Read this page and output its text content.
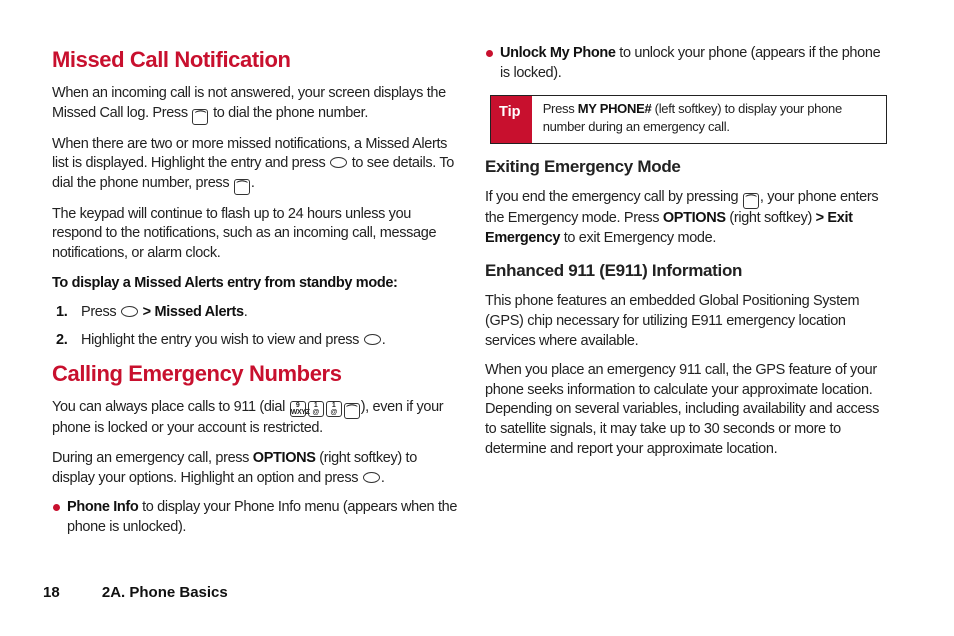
Missed Call Notification

When an incoming call is not answered, your screen displays the Missed Call log. Press ⌒ to dial the phone number.

When there are two or more missed notifications, a Missed Alerts list is displayed. Highlight the entry and press  to see details. To dial the phone number, press ⌒ .

The keypad will continue to flash up to 24 hours unless you respond to the notifications, such as an incoming call, message notifications, or alarm clock.

To display a Missed Alerts entry from standby mode:

1. Press  > Missed Alerts.
2. Highlight the entry you wish to view and press .
Calling Emergency Numbers

You can always place calls to 911 (dial 9
WXYZ1
@1
@ ⌒ ), even if your phone is locked or your account is restricted.

During an emergency call, press OPTIONS (right softkey) to display your options. Highlight an option and press .

Phone Info to display your Phone Info menu (appears when the phone is unlocked).
Unlock My Phone to unlock your phone (appears if the phone is locked).
Tip	Press MY PHONE# (left softkey) to display your phone number during an emergency call.
Exiting Emergency Mode

If you end the emergency call by pressing ⌒ , your phone enters the Emergency mode. Press OPTIONS (right softkey) > Exit Emergency to exit Emergency mode.

Enhanced 911 (E911) Information

This phone features an embedded Global Positioning System (GPS) chip necessary for utilizing E911 emergency location services where available.

When you place an emergency 911 call, the GPS feature of your phone seeks information to calculate your approximate location. Depending on several variables, including availability and access to satellite signals, it may take up to 30 seconds or more to determine and report your approximate location.

18	2A. Phone Basics
